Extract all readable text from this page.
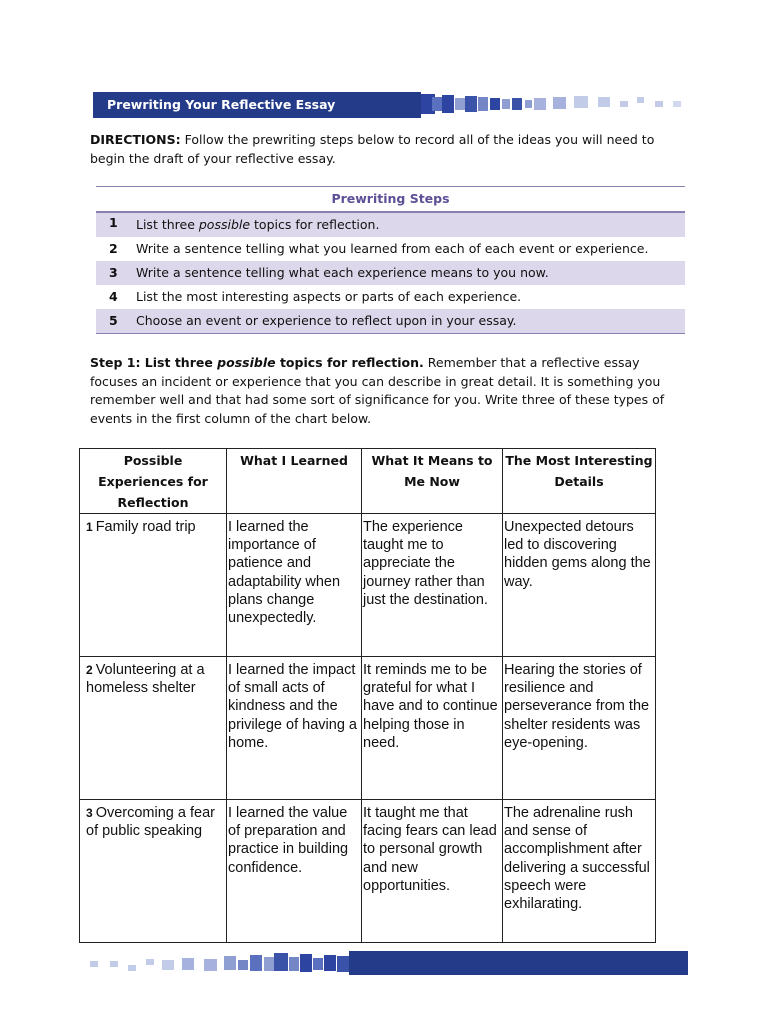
Prewriting Your Reflective Essay
DIRECTIONS: Follow the prewriting steps below to record all of the ideas you will need to begin the draft of your reflective essay.
Prewriting Steps
1 List three possible topics for reflection.
2 Write a sentence telling what you learned from each of each event or experience.
3 Write a sentence telling what each experience means to you now.
4 List the most interesting aspects or parts of each experience.
5 Choose an event or experience to reflect upon in your essay.
Step 1: List three possible topics for reflection. Remember that a reflective essay focuses an incident or experience that you can describe in great detail. It is something you remember well and that had some sort of significance for you. Write three of these types of events in the first column of the chart below.
Possible Experiences for Reflection	What I Learned	What It Means to Me Now	The Most Interesting Details

1 Family road trip	I learned the importance of patience and adaptability when plans change unexpectedly.	The experience taught me to appreciate the journey rather than just the destination.	Unexpected detours led to discovering hidden gems along the way.

2 Volunteering at a homeless shelter	I learned the impact of small acts of kindness and the privilege of having a home.	It reminds me to be grateful for what I have and to continue helping those in need.	Hearing the stories of resilience and perseverance from the shelter residents was eye-opening.

3 Overcoming a fear of public speaking	I learned the value of preparation and practice in building confidence.	It taught me that facing fears can lead to personal growth and new opportunities.	The adrenaline rush and sense of accomplishment after delivering a successful speech were exhilarating.
